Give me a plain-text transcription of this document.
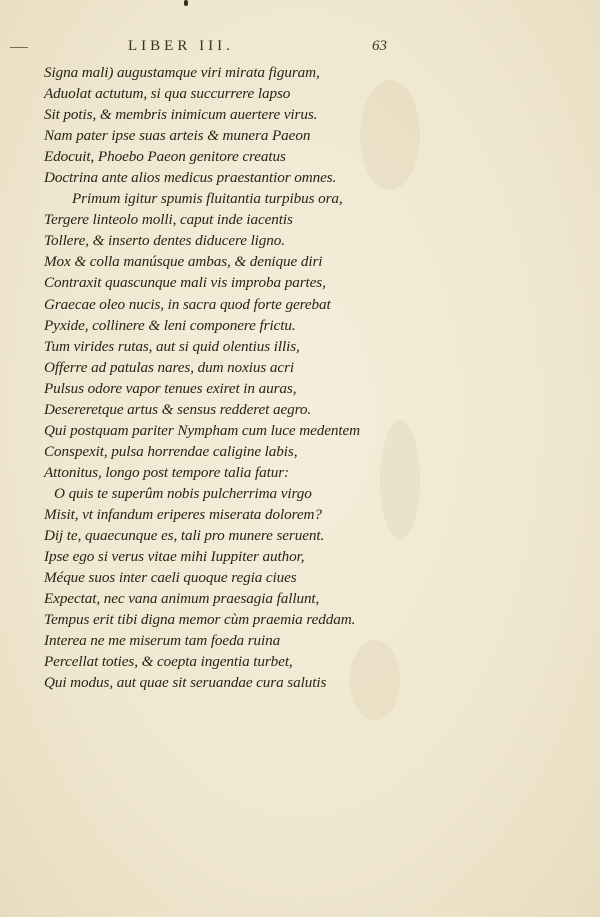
LIBER III.	63
Signa mali) augustamque viri mirata figuram,
Aduolat actutum, si qua succurrere lapso
Sit potis, & membris inimicum auertere virus.
Nam pater ipse suas arteis & munera Paeon
Edocuit, Phoebo Paeon genitore creatus
Doctrina ante alios medicus praestantior omnes.
Primum igitur spumis fluitantia turpibus ora,
Tergere linteolo molli, caput inde iacentis
Tollere, & inserto dentes diducere ligno.
Mox & colla manúsque ambas, & denique diri
Contraxit quascunque mali vis improba partes,
Graecae oleo nucis, in sacra quod forte gerebat
Pyxide, collinere & leni componere frictu.
Tum virides rutas, aut si quid olentius illis,
Offerre ad patulas nares, dum noxius acri
Pulsus odore vapor tenues exiret in auras,
Desereretque artus & sensus redderet aegro.
Qui postquam pariter Nympham cum luce medentem
Conspexit, pulsa horrendae caligine labis,
Attonitus, longo post tempore talia fatur:
O quis te superûm nobis pulcherrima virgo
Misit, vt infandum eriperes miserata dolorem?
Dij te, quaecunque es, tali pro munere seruent.
Ipse ego si verus vitae mihi Iuppiter author,
Méque suos inter caeli quoque regia ciues
Expectat, nec vana animum praesagia fallunt,
Tempus erit tibi digna memor cùm praemia reddam.
Interea ne me miserum tam foeda ruina
Percellat toties, & coepta ingentia turbet,
Qui modus, aut quae sit seruandae cura salutis
